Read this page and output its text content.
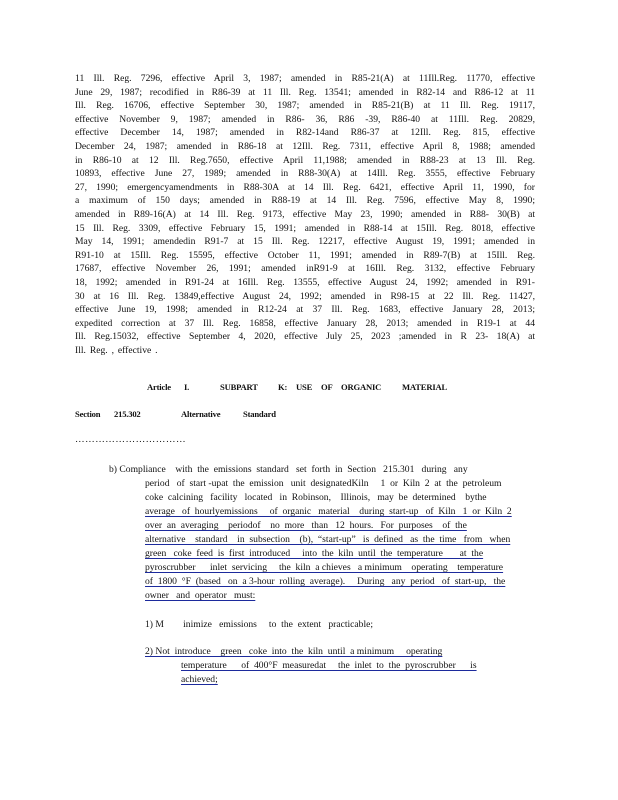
11 Ill. Reg. 7296, effective April 3, 1987; amended in R85-21(A) at 11Ill.Reg. 11770, effective
June 29, 1987; recodified in R86-39 at 11 Ill. Reg. 13541; amended in R82-14 and R86-12 at 11
Ill. Reg. 16706, effective September 30, 1987; amended in R85-21(B) at 11 Ill. Reg. 19117,
effective November 9, 1987; amended in R86- 36, R86 -39, R86-40 at 11Ill. Reg. 20829,
effective December 14, 1987; amended in R82-14and R86-37 at 12Ill. Reg. 815, effective
December 24, 1987; amended in R86-18 at 12Ill. Reg. 7311, effective April 8, 1988; amended
in R86-10 at 12 Ill. Reg.7650, effective April 11,1988; amended in R88-23 at 13 Ill. Reg.
10893, effective June 27, 1989; amended in R88-30(A) at 14Ill. Reg. 3555, effective February
27, 1990; emergencyamendments in R88-30A at 14 Ill. Reg. 6421, effective April 11, 1990, for
a maximum of 150 days; amended in R88-19 at 14 Ill. Reg. 7596, effective May 8, 1990;
amended in R89-16(A) at 14 Ill. Reg. 9173, effective May 23, 1990; amended in R88- 30(B) at
15 Ill. Reg. 3309, effective February 15, 1991; amended in R88-14 at 15Ill. Reg. 8018, effective
May 14, 1991; amendedin R91-7 at 15 Ill. Reg. 12217, effective August 19, 1991; amended in
R91-10 at 15Ill. Reg. 15595, effective October 11, 1991; amended in R89-7(B) at 15Ill. Reg.
17687, effective November 26, 1991; amended inR91-9 at 16Ill. Reg. 3132, effective February
18, 1992; amended in R91-24 at 16Ill. Reg. 13555, effective August 24, 1992; amended in R91-
30 at 16 Ill. Reg. 13849,effective August 24, 1992; amended in R98-15 at 22 Ill. Reg. 11427,
effective June 19, 1998; amended in R12-24 at 37 Ill. Reg. 1683, effective January 28, 2013;
expedited correction at 37 Ill. Reg. 16858, effective January 28, 2013; amended in R19-1 at 44
Ill. Reg.15032, effective September 4, 2020, effective July 25, 2023 ;amended in R 23- 18(A) at
Ill. Reg. , effective .
Article I.	SUBPART K: USE OF ORGANIC MATERIAL
Section 215.302	Alternative	Standard
……………………………
b) Compliance    with  the  emissions  standard   set  forth  in  Section   215.301   during   any
period   of  start -upat  the  emission   unit  designatedKiln     1  or  Kiln  2  at  the  petroleum
coke  calcining   facility   located   in  Robinson,    Illinois,   may  be  determined    bythe
average   of  hourlyemissions     of  organic   material    during  start-up   of  Kiln   1  or  Kiln  2
over  an  averaging    periodof    no  more   than   12  hours.   For  purposes    of  the
alternative    standard    in  subsection    (b),  “start-up”   is  defined   as  the  time   from   when
green   coke  feed  is  first  introduced     into  the  kiln  until  the  temperature       at  the
pyroscrubber      inlet  servicing     the  kiln  a chieves   a minimum    operating    temperature
of  1800  °F  (based   on  a 3-hour  rolling  average).     During   any  period   of  start-up,   the
owner   and  operator   must:
1) M        inimize   emissions     to  the  extent   practicable;
2) Not  introduce    green   coke  into  the  kiln  until  a minimum     operating
temperature      of  400°F  measuredat     the  inlet  to  the  pyroscrubber      is
achieved;
